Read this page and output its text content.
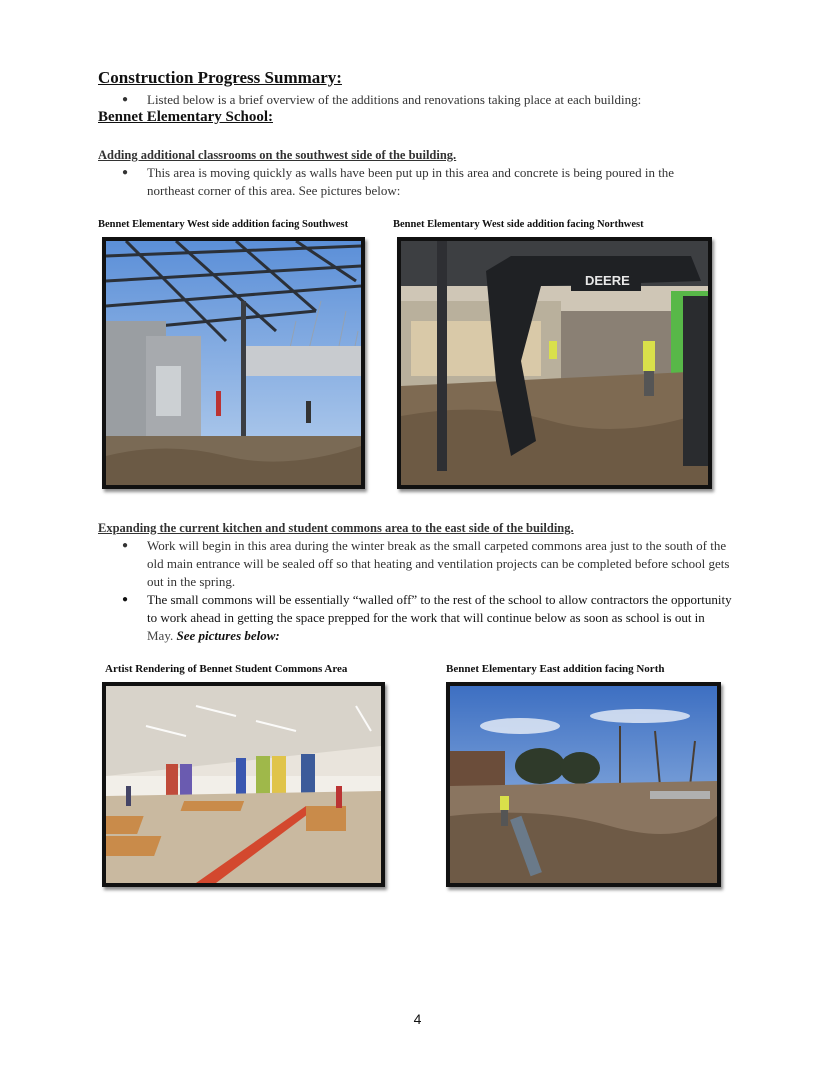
Construction Progress Summary:
●	Listed below is a brief overview of the additions and renovations taking place at each building:
Bennet Elementary School:
Adding additional classrooms on the southwest side of the building.
●	This area is moving quickly as walls have been put up in this area and concrete is being poured in the northeast corner of this area. See pictures below:
Bennet Elementary West side addition facing Southwest	Bennet Elementary West side addition facing Northwest
DEERE
Expanding the current kitchen and student commons area to the east side of the building.
●	Work will begin in this area during the winter break as the small carpeted commons area just to the south of the old main entrance will be sealed off so that heating and ventilation projects can be completed before school gets out in the spring.
●	The small commons will be essentially “walled off” to the rest of the school to allow contractors the opportunity to work ahead in getting the space prepped for the work that will continue below as soon as school is out in May. See pictures below:
Artist Rendering of Bennet Student Commons Area	Bennet Elementary East addition facing North
4
